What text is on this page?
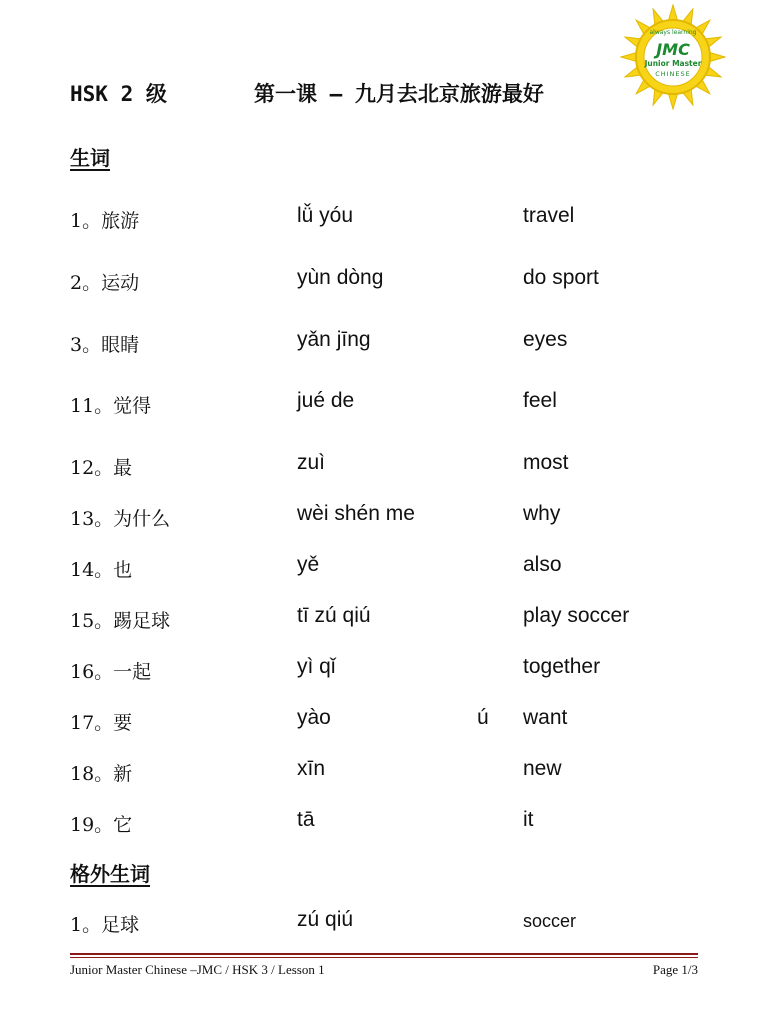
always learning
JMC
Junior Master
CHINESE
HSK 2 级	第一课 – 九月去北京旅游最好
生词
1。旅游	lǚ yóu	travel
2。运动	yùn dòng	do sport
3。眼睛	yǎn jīng	eyes
11。觉得	jué de	feel
12。最	zuì	most
13。为什么	wèi shén me	why
14。也	yě	also
15。踢足球	tī zú qiú	play soccer
16。一起	yì qǐ	together
17。要	yào	ú want
18。新	xīn	new
19。它	tā	it
格外生词
1。足球	zú qiú	soccer
Junior Master Chinese –JMC / HSK 3 / Lesson 1	Page 1/3
